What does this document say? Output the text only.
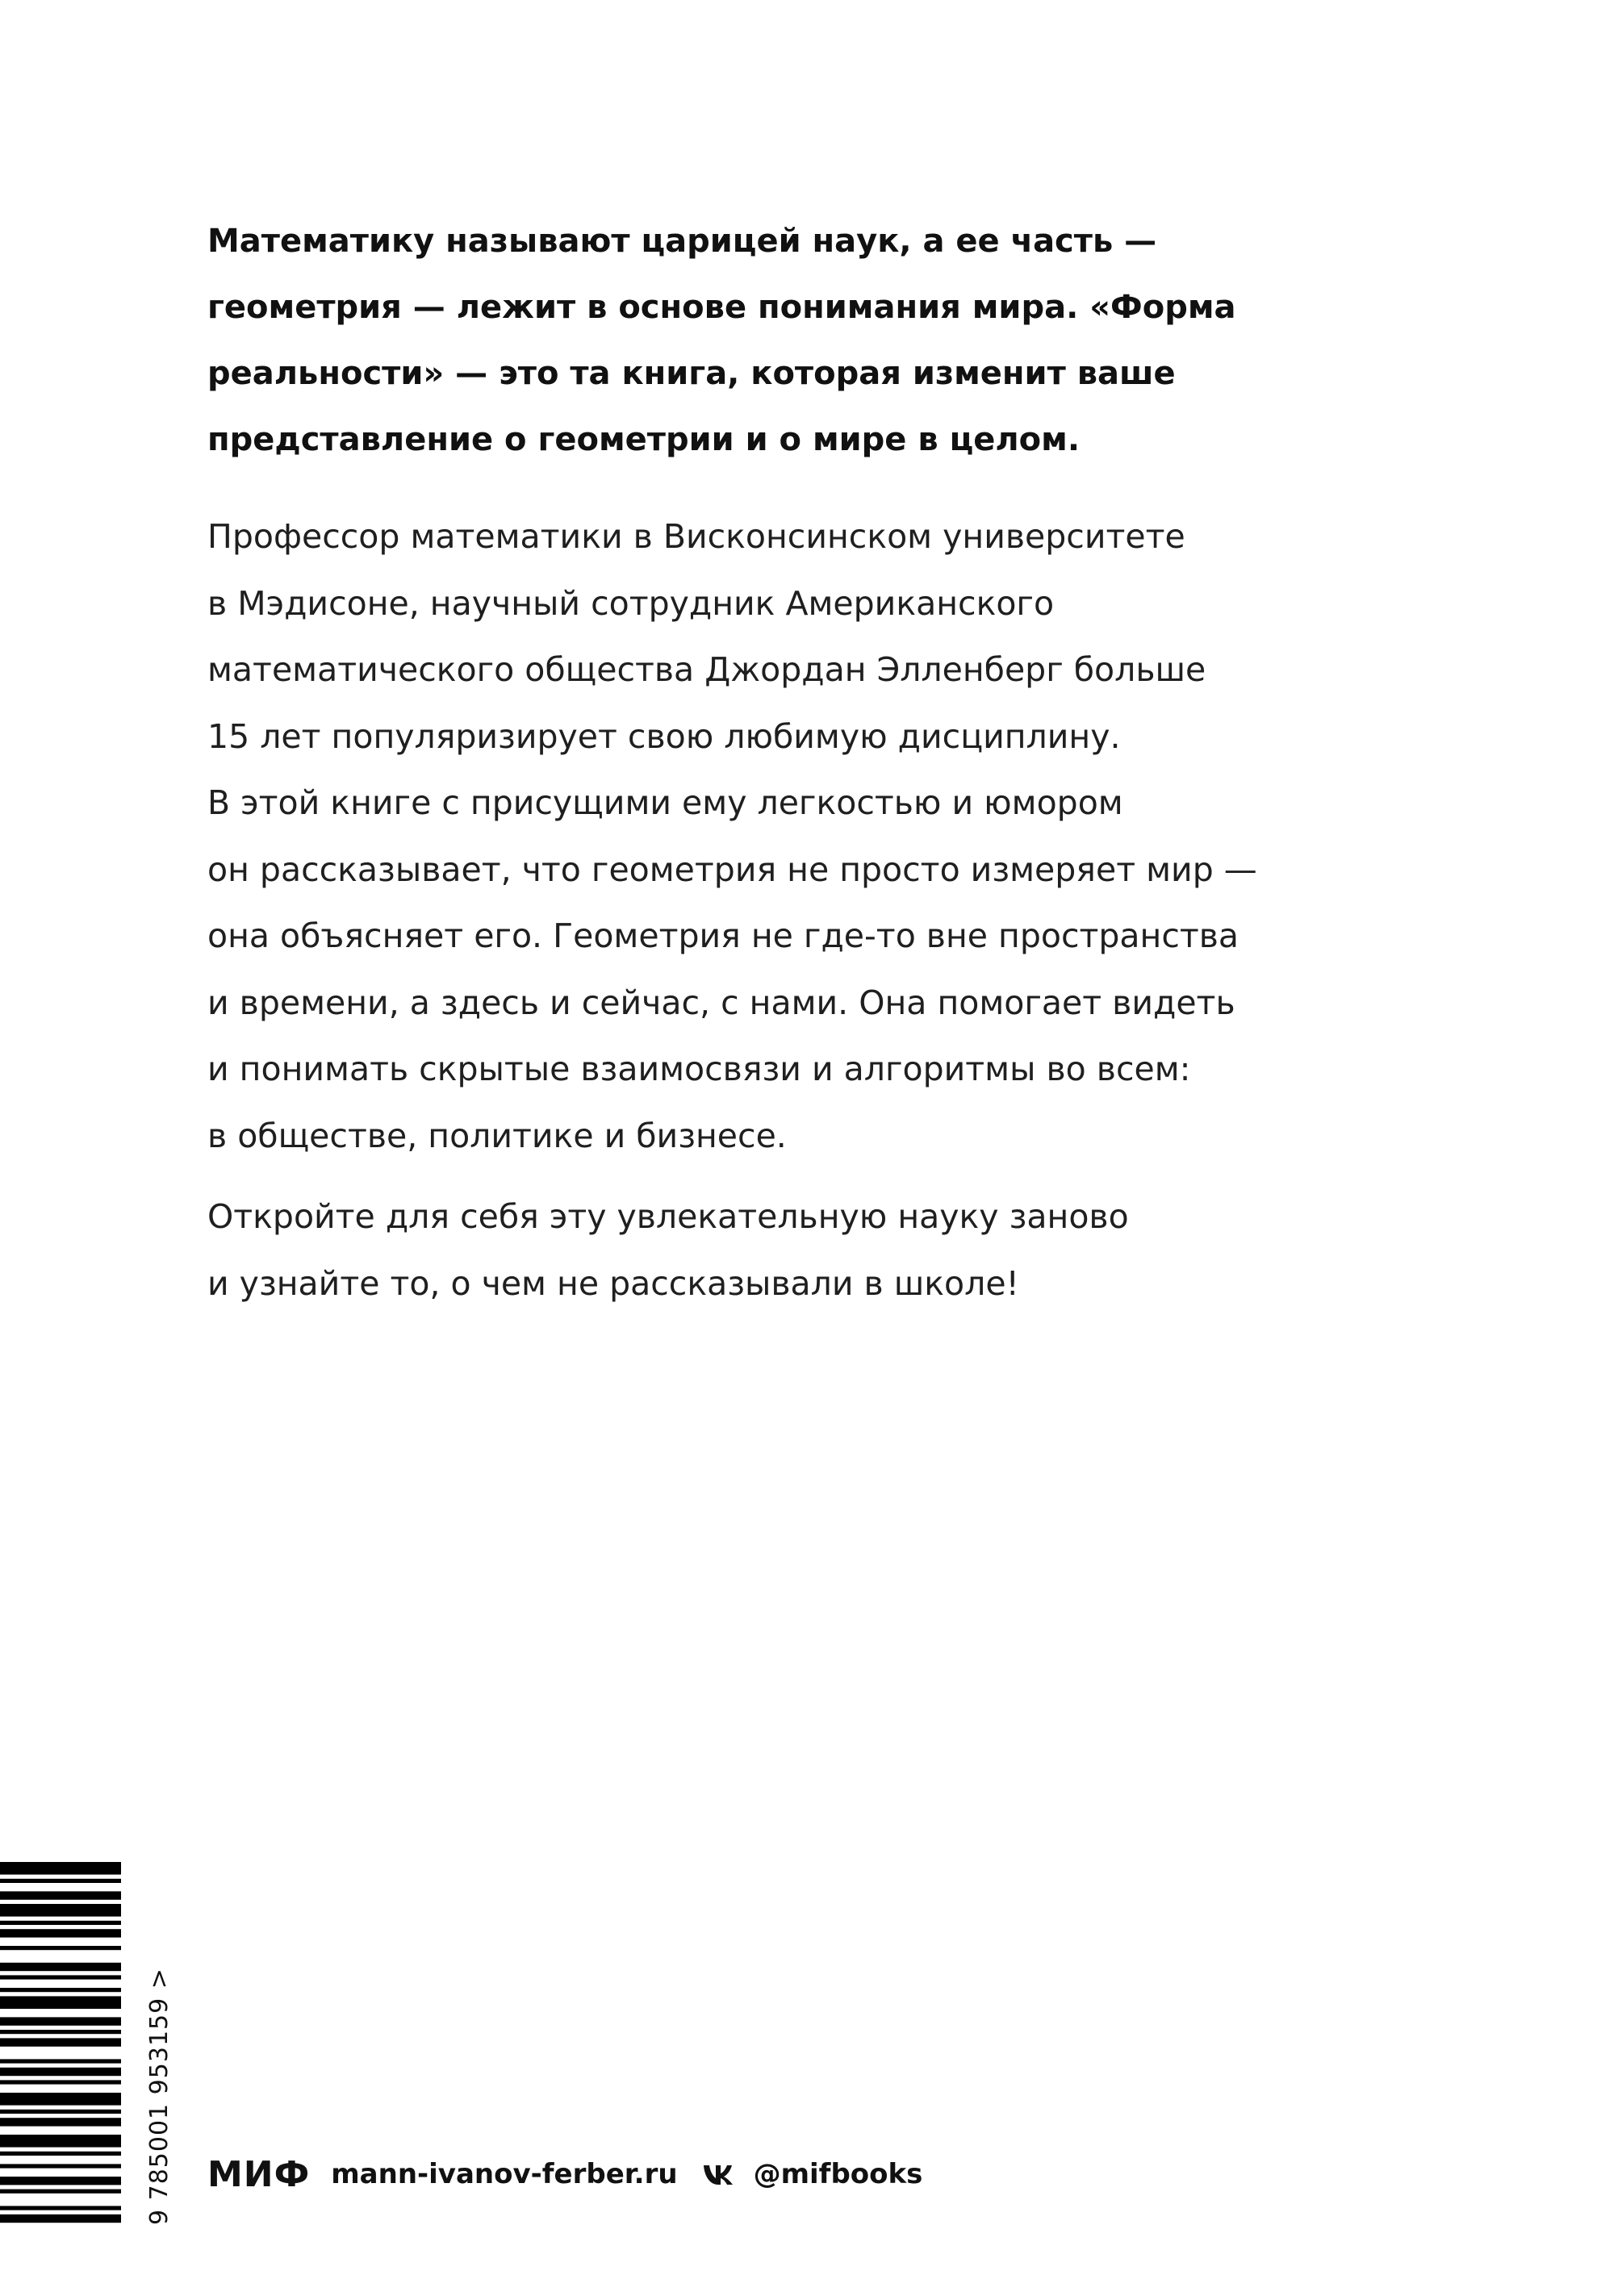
Математику называют царицей наук, а ее часть —
геометрия — лежит в основе понимания мира. «Форма
реальности» — это та книга, которая изменит ваше
представление о геометрии и о мире в целом.

Профессор математики в Висконсинском университете
в Мэдисоне, научный сотрудник Американского
математического общества Джордан Элленберг больше
15 лет популяризирует свою любимую дисциплину.
В этой книге с присущими ему легкостью и юмором
он рассказывает, что геометрия не просто измеряет мир —
она объясняет его. Геометрия не где-то вне пространства
и времени, а здесь и сейчас, с нами. Она помогает видеть
и понимать скрытые взаимосвязи и алгоритмы во всем:
в обществе, политике и бизнесе.

Откройте для себя эту увлекательную науку заново
и узнайте то, о чем не рассказывали в школе!

9 785001 953159 > МИФ mann-ivanov-ferber.ru	@mifbooks
